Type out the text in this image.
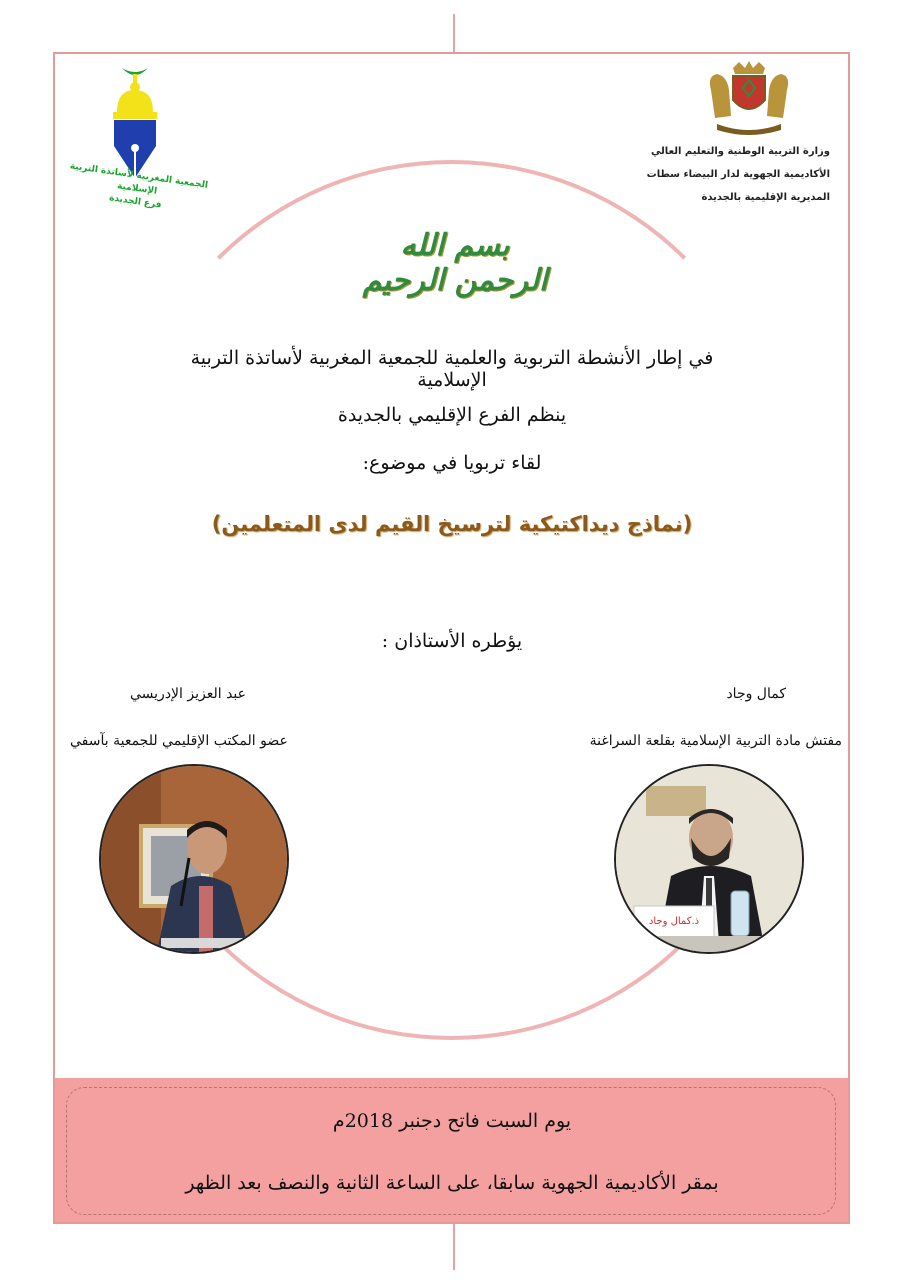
الجمعية المغربية لأساتذة التربية الإسلامية
فرع الجديدة
وزارة التربية الوطنية والتعليم العالي
الأكاديمية الجهوية لدار البيضاء سطات
المديرية الإقليمية بالجديدة
بسم الله الرحمن الرحيم
في إطار الأنشطة التربوية والعلمية للجمعية المغربية لأساتذة التربية الإسلامية
ينظم الفرع الإقليمي بالجديدة
لقاء تربويا في موضوع:
(نماذج ديداكتيكية لترسيخ القيم لدى المتعلمين)
يؤطره الأستاذان :
كمال وجاد
مفتش مادة التربية الإسلامية بقلعة السراغنة
عبد العزيز الإدريسي
عضو المكتب الإقليمي للجمعية بآسفي
ذ.كمال وجاد
يوم السبت فاتح دجنبر 2018م
بمقر الأكاديمية الجهوية سابقا، على الساعة الثانية والنصف بعد الظهر
